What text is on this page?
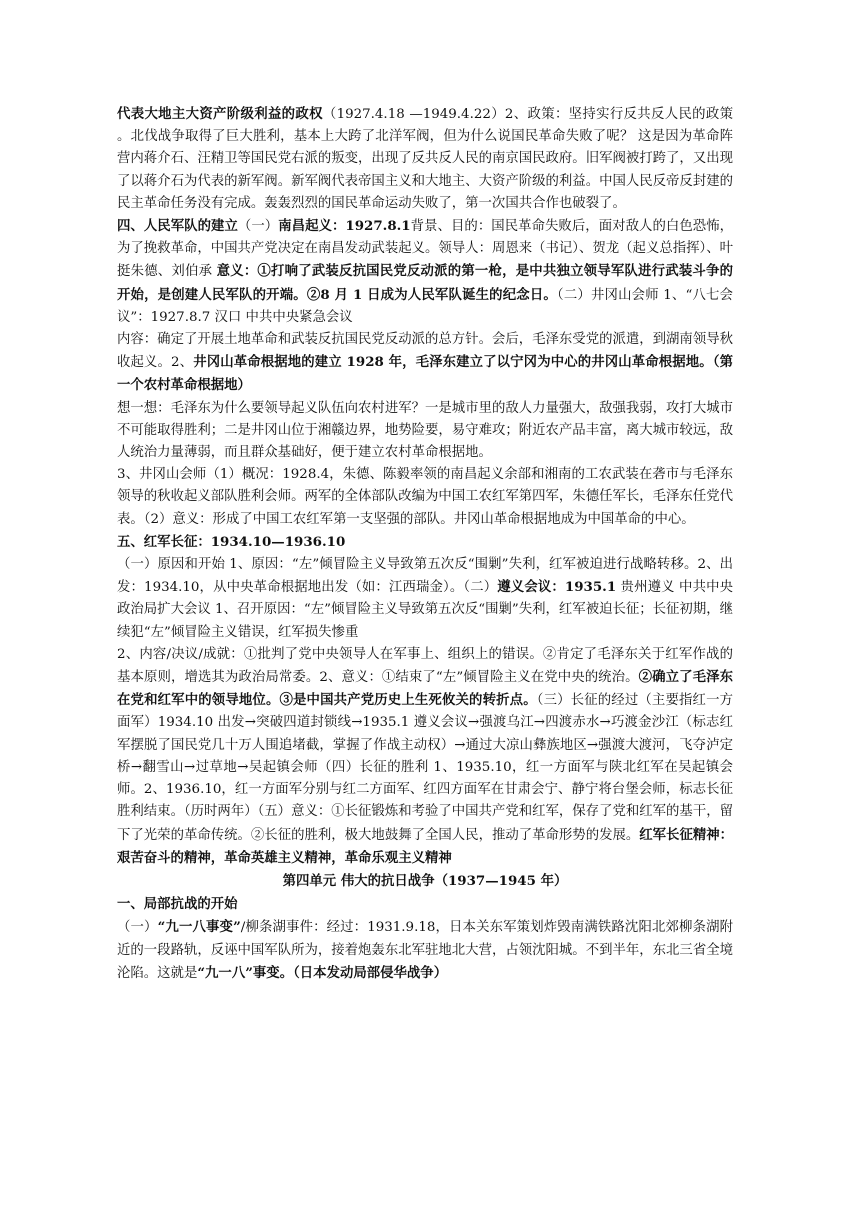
代表大地主大资产阶级利益的政权（1927.4.18 —1949.4.22）2、政策：坚持实行反共反人民的政策 。北伐战争取得了巨大胜利，基本上大跨了北洋军阀，但为什么说国民革命失败了呢？ 这是因为革命阵营内蒋介石、汪精卫等国民党右派的叛变，出现了反共反人民的南京国民政府。旧军阀被打跨了，又出现了以蒋介石为代表的新军阀。新军阀代表帝国主义和大地主、大资产阶级的利益。中国人民反帝反封建的民主革命任务没有完成。轰轰烈烈的国民革命运动失败了，第一次国共合作也破裂了。

四、人民军队的建立（一）南昌起义：1927.8.1背景、目的：国民革命失败后，面对敌人的白色恐怖，为了挽救革命，中国共产党决定在南昌发动武装起义。领导人：周恩来（书记）、贺龙（起义总指挥）、叶挺朱德、刘伯承 意义：①打响了武装反抗国民党反动派的第一枪，是中共独立领导军队进行武装斗争的开始，是创建人民军队的开端。②8 月 1 日成为人民军队诞生的纪念日。（二）井冈山会师 1、“八七会议”：1927.8.7 汉口 中共中央紧急会议

内容：确定了开展土地革命和武装反抗国民党反动派的总方针。会后，毛泽东受党的派遣，到湖南领导秋收起义。2、井冈山革命根据地的建立 1928 年，毛泽东建立了以宁冈为中心的井冈山革命根据地。（第一个农村革命根据地）

想一想：毛泽东为什么要领导起义队伍向农村进军？一是城市里的敌人力量强大，敌强我弱，攻打大城市不可能取得胜利；二是井冈山位于湘赣边界，地势险要，易守难攻；附近农产品丰富，离大城市较远，敌人统治力量薄弱，而且群众基础好，便于建立农村革命根据地。

3、井冈山会师（1）概况：1928.4，朱德、陈毅率领的南昌起义余部和湘南的工农武装在砻市与毛泽东领导的秋收起义部队胜利会师。两军的全体部队改编为中国工农红军第四军，朱德任军长，毛泽东任党代表。（2）意义：形成了中国工农红军第一支坚强的部队。井冈山革命根据地成为中国革命的中心。

五、红军长征：1934.10—1936.10

（一）原因和开始 1、原因：“左”倾冒险主义导致第五次反“围剿”失利，红军被迫进行战略转移。2、出发：1934.10，从中央革命根据地出发（如：江西瑞金）。（二）遵义会议：1935.1 贵州遵义 中共中央政治局扩大会议 1、召开原因：“左”倾冒险主义导致第五次反“围剿”失利，红军被迫长征；长征初期，继续犯“左”倾冒险主义错误，红军损失惨重

2、内容/决议/成就：①批判了党中央领导人在军事上、组织上的错误。②肯定了毛泽东关于红军作战的基本原则，增选其为政治局常委。2、意义：①结束了“左”倾冒险主义在党中央的统治。②确立了毛泽东在党和红军中的领导地位。③是中国共产党历史上生死攸关的转折点。（三）长征的经过（主要指红一方面军）1934.10 出发→突破四道封锁线→1935.1 遵义会议→强渡乌江→四渡赤水→巧渡金沙江（标志红军摆脱了国民党几十万人围追堵截，掌握了作战主动权）→通过大凉山彝族地区→强渡大渡河，飞夺泸定桥→翻雪山→过草地→吴起镇会师（四）长征的胜利 1、1935.10，红一方面军与陕北红军在吴起镇会师。2、1936.10，红一方面军分别与红二方面军、红四方面军在甘肃会宁、静宁将台堡会师，标志长征胜利结束。（历时两年）（五）意义：①长征锻炼和考验了中国共产党和红军，保存了党和红军的基干，留下了光荣的革命传统。②长征的胜利，极大地鼓舞了全国人民，推动了革命形势的发展。红军长征精神：艰苦奋斗的精神，革命英雄主义精神，革命乐观主义精神

第四单元 伟大的抗日战争（1937—1945 年）

一、局部抗战的开始

（一）“九一八事变”/柳条湖事件：经过：1931.9.18，日本关东军策划炸毁南满铁路沈阳北郊柳条湖附近的一段路轨，反诬中国军队所为，接着炮轰东北军驻地北大营，占领沈阳城。不到半年，东北三省全境沦陷。这就是“九一八”事变。（日本发动局部侵华战争）
